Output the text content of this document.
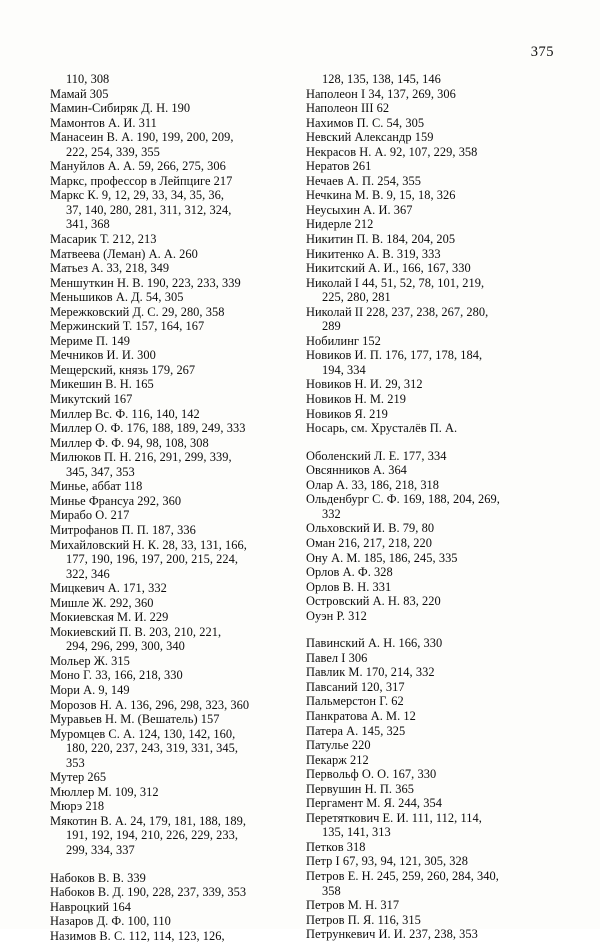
375
110, 308
Мамай 305
Мамин-Сибиряк Д. Н. 190
Мамонтов А. И. 311
Манасеин В. А. 190, 199, 200, 209,
222, 254, 339, 355
Мануйлов А. А. 59, 266, 275, 306
Маркс, профессор в Лейпциге 217
Маркс К. 9, 12, 29, 33, 34, 35, 36,
37, 140, 280, 281, 311, 312, 324,
341, 368
Масарик Т. 212, 213
Матвеева (Леман) А. А. 260
Матьез А. 33, 218, 349
Меншуткин Н. В. 190, 223, 233, 339
Меньшиков А. Д. 54, 305
Мережковский Д. С. 29, 280, 358
Мержинский Т. 157, 164, 167
Мериме П. 149
Мечников И. И. 300
Мещерский, князь 179, 267
Микешин В. Н. 165
Микутский 167
Миллер Вс. Ф. 116, 140, 142
Миллер О. Ф. 176, 188, 189, 249, 333
Миллер Ф. Ф. 94, 98, 108, 308
Милюков П. Н. 216, 291, 299, 339,
345, 347, 353
Минье, аббат 118
Минье Франсуа 292, 360
Мирабо О. 217
Митрофанов П. П. 187, 336
Михайловский Н. К. 28, 33, 131, 166,
177, 190, 196, 197, 200, 215, 224,
322, 346
Мицкевич А. 171, 332
Мишле Ж. 292, 360
Мокиевская М. И. 229
Мокиевский П. В. 203, 210, 221,
294, 296, 299, 300, 340
Мольер Ж. 315
Моно Г. 33, 166, 218, 330
Мори А. 9, 149
Морозов Н. А. 136, 296, 298, 323, 360
Муравьев Н. М. (Вешатель) 157
Муромцев С. А. 124, 130, 142, 160,
180, 220, 237, 243, 319, 331, 345,
353
Мутер 265
Мюллер М. 109, 312
Мюрэ 218
Мякотин В. А. 24, 179, 181, 188, 189,
191, 192, 194, 210, 226, 229, 233,
299, 334, 337
Набоков В. В. 339
Набоков В. Д. 190, 228, 237, 339, 353
Навроцкий 164
Назаров Д. Ф. 100, 110
Назимов В. С. 112, 114, 123, 126,
128, 135, 138, 145, 146
Наполеон I 34, 137, 269, 306
Наполеон III 62
Нахимов П. С. 54, 305
Невский Александр 159
Некрасов Н. А. 92, 107, 229, 358
Нератов 261
Нечаев А. П. 254, 355
Нечкина М. В. 9, 15, 18, 326
Неусыхин А. И. 367
Нидерле 212
Никитин П. В. 184, 204, 205
Никитенко А. В. 319, 333
Никитский А. И., 166, 167, 330
Николай I 44, 51, 52, 78, 101, 219,
225, 280, 281
Николай II 228, 237, 238, 267, 280,
289
Нобилинг 152
Новиков И. П. 176, 177, 178, 184,
194, 334
Новиков Н. И. 29, 312
Новиков Н. М. 219
Новиков Я. 219
Носарь, см. Хрусталёв П. А.
Оболенский Л. Е. 177, 334
Овсянников А. 364
Олар А. 33, 186, 218, 318
Ольденбург С. Ф. 169, 188, 204, 269,
332
Ольховский И. В. 79, 80
Оман 216, 217, 218, 220
Ону А. М. 185, 186, 245, 335
Орлов А. Ф. 328
Орлов В. Н. 331
Островский А. Н. 83, 220
Оуэн Р. 312
Павинский А. Н. 166, 330
Павел I 306
Павлик М. 170, 214, 332
Павсаний 120, 317
Пальмерстон Г. 62
Панкратова А. М. 12
Патера А. 145, 325
Патулье 220
Пекарж 212
Первольф О. О. 167, 330
Первушин Н. П. 365
Пергамент М. Я. 244, 354
Перетяткович Е. И. 111, 112, 114,
135, 141, 313
Петков 318
Петр I 67, 93, 94, 121, 305, 328
Петров Е. Н. 245, 259, 260, 284, 340,
358
Петров М. Н. 317
Петров П. Я. 116, 315
Петрункевич И. И. 237, 238, 353
